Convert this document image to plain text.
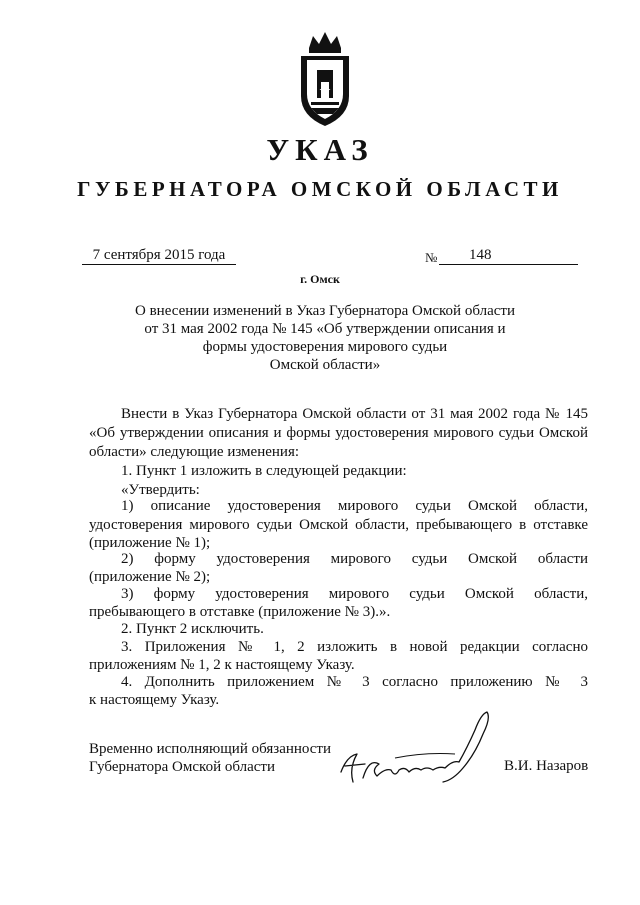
УКАЗ
ГУБЕРНАТОРА ОМСКОЙ ОБЛАСТИ
7 сентября 2015 года	№	148
г. Омск
О внесении изменений в Указ Губернатора Омской области
от 31 мая 2002 года № 145 «Об утверждении описания и
формы удостоверения мирового судьи
Омской области»
Внести в Указ Губернатора Омской области от 31 мая 2002 года № 145
«Об утверждении описания и формы удостоверения мирового судьи Омской
области» следующие изменения:
1. Пункт 1 изложить в следующей редакции:
«Утвердить:
1) описание удостоверения мирового судьи Омской области,
удостоверения мирового судьи Омской области, пребывающего в отставке
(приложение № 1);
2) форму удостоверения мирового судьи Омской области
(приложение № 2);
3) форму удостоверения мирового судьи Омской области,
пребывающего в отставке (приложение № 3).».
2. Пункт 2 исключить.
3. Приложения № 1, 2 изложить в новой редакции согласно
приложениям № 1, 2 к настоящему Указу.
4. Дополнить приложением № 3 согласно приложению № 3
к настоящему Указу.
Временно исполняющий обязанности
Губернатора Омской области	В.И. Назаров
